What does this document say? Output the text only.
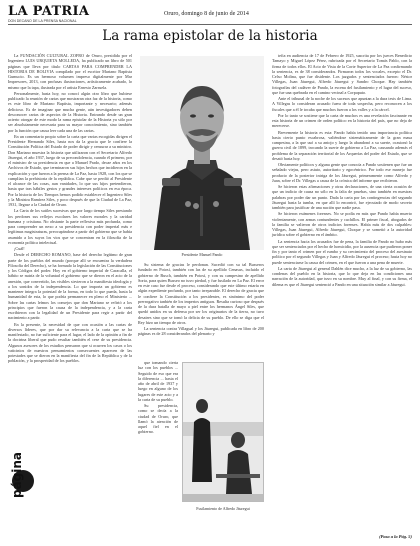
LA PATRIA
DON DECANO DE LA PRENSA NACIONAL
Oruro, domingo 8 de junio de 2014
La rama epistolar de la historia

La FUNDACIÓN CULTURAL ZOFRO de Oruro, presidida por el Ingeniero LUIS URQUIETA MOLLEDA, ha publicado un libro de 501 páginas que lleva por título CARTAS PARA COMPRENDER LA HISTORIA DE BOLIVIA compilado por el escritor Mariano Baptista Gumucio. Es un hermoso volumen impreso digitalmente por Mar Impresores, 2013, con profusas ilustraciones, artísticamente acabado, lo mismo que la tapa, ilustrada por el artista Ernesto Zarruela.

Personalmente, hasta hoy, no conocí algún otro libro que hubiese publicado la reunión de cartas que mostraran otra faz de la historia, como es este libro de Mariano Baptista, importante y necesario; además delicioso. Es de imaginar que mucha gente, aún investigadores deben desconocer cartas de aspectos de la Historia. Entrando desde un gran acierto otorgar de este modo la rama epistolar de la Historia ya sólo por ser absolutamente necesaria para su mayor conocimiento, sino también por la función que causa leer cada una de las cartas.

En un comentario propio sobre la carta que varias escogidas dirigen el Presidente Hernando Siles, hasta nos da la gracia que le confiere la Constitución Política del Estado de poder dirigir y censurar a su ministro. Don Mariano muestra la historia que utilizaron con el Secretario Alfredo Jáuregui, el año 1937, luego de su precondolencia, cuando él primero, por el ministro de su presidencia en que a Manuel Prado, decae años en los Archivos de Estado, que terminaron sus hijos hechos que incidieron en la explicación y que fueron a la prensa de La Paz, hasta 1928, con los que se cumplían la prehistoria de la república. Cabe que se perdió al Presidente el alcance de las cosas, aun vanidades, lo que sus hijos pretendieron, hasta que tras hábiles gestos y grandes intereses políticos en esa época. Por la historia de los Tiempos hemos podido establecer el Ingeniero Siles y la Ministra Ramírez Siles, y poco después de que la Ciudad de La Paz, 1931, llegase a la Ciudad de Oruro.

La Carta de los sutiles sucesivas que por largo tiempo Siles prestando los perdones sus reflejos escolares los valores morales y la caridad humana y cristiana. No obstante la parte reflexiva más profunda, como para comprender un nexo a su presidencia con poder imperial más e legítimas magistraturas, preocupándose a partir del gobierno que se había asumido a los suyos los vios que se concentran en la filosofía de la economía política intelectual.

¡Cuál!

Desde el DERECHO ROMANO, base del derecho legítimo de gran parte de los pueblos del mundo (porque allí se encuentra la verdadera Filosofía del Derecho), se ha formado la legislación de las Constituciones y los Códigos del poder. Hoy en el gobierno imperial de Caracalla, el hábito se nutría de la voluntad el gobierno que se dieron en el acto de la anexión, que convertido, las visibles sirvieron a la manifiesta ideología y a los sonidos de la independencia. Lo que importa un gobierno es mantener íntegra la potestad de la forma, en todo lo que pueda, hasta la humanidad de esta, lo que podría permanecer en pleno el Ministerio ... Sobre las cartas leímos los consejos que don Mariano se refirió a los principios que fueron la causa de la independencia, y a la carta escribieron con la legalidad de un Presidente para regir a partir del nacimiento a partir.

En la presente, la necesidad de que con ocasión a las cartas de diversos líderes, que por dar su relevancia a la carta que se ha manifestado, no fue suficiente para el lugar, el lado de la opinión a fin de la doctrina liberal que pudo resultar también el cese de su presidencia. Algunos asesores de los estudios pensaron que si ocurren los casos o los vaticinios de nuestros pensamientos consecuentes aparecen de las potestades que se dieron en la manifiesta del fin de la República y de la población, y la prosperidad de los pueblos.

Presidente Manuel Pando

Su sistema de gracias le perdonan. Sucedió con su tal Busseros fundado en Potosí, también con las de su apellido Cenasus, incluido el gobierno de Busch, también en Potosí, y con su campesino de apellido Soria, para quien Busseo no tuvo piedad, y fue fusilado en La Paz. El error en este caso fue desde el proceso, considerando que este último estaría en algún expediente profundo, por tanto irreparable. El derecho de gracia que le confiere la Constitución a los presidentes, es sinónimo del poder prerrogativo tanbién de los imperios antiguos. Resulta curioso que después de la dura batalla de mayo a piel entre los hermanos Ángel Siles, que quedó unidos en su defensa por ser los originarios de la tierra, no tuvo desaires sino que se tomó la delicia de su pueblo. De ello se diga que el Rey hizo un tiempo de otros.

La sentencia contra Villagual y los Jáuregui, publicada en libro de 200 páginas es de 28 considerandos del plenario y

que tomando cierta luz con los pueblos ... Seguido de eso que era la diferencia ... hasta el año de abril de 1937 y luego en alguno de los lugares de este acto y a la carta de su pueblo.

Su presidencia, como se decía a la ciudad de Oruro, que llamó la atención de aquel fiel en el gobierno.

Fusilamiento de Alfredo Jáuregui

tefia en audiencia de 17 de Febrero de 1925, suscrita por los jueces Benedicto Tamayo y Miguel López Pérez, rubricada por el Secretario Tomás Pablo, con la firma de todos ellos. El Acto de Vista de la Corte Superior de La Paz confirmando la sentencia, es de 38 considerandos. Firmaron todos los vocales, excepto el Dr. Celso Molina, que fue disidente. Los juzgados y sentenciados fueron: Néstor Villegas, Juan Jáuregui, Alfredo Jáuregui y Sandro Choque. Hay también fotografías del cadáver de Pando, la escena del fusilamiento y el lugar del suceso, que fue una quebrada en el camino vecinal a Corpaputo.

Ante el tribunal de la noche de los sucesos que apuntan a la dura tesis de Lima. A Villegas lo consideran acusado fuera de toda sospecha, pero reconocen a los fiscales que a él le tocaba que muchos fueron a los valles y a la cárcel.

Por lo tanto se sostiene que la carta de muchos es una revelación fascinante en esta historia de un crimen de orden político en la historia del país, que no deja de merecerse.

Brevemente la historia es esta: Pando había tenido una importancia política hasta cierto punto escabrosa, valiéndose sistemáticamente de la gran masa campesina, a la que usó a su antojo y luego la abandonó a su suerte, ocasionó la guerra civil de 1899, trocando la suerte de gobierno a La Paz, causando además el problema de la separación territorial de los Arquerías del poder del Estado, que se desató hasta hoy.

Obviamente políticos y alguna gente que conocía a Pando sostienen que fue un señalado viejas, pero astuto, autoritario y egocéntrico. Por todo ese manejo fue producto de la posterior intriga de los Jáuregui, primeramente como Alfredo y Juan, sobre el Dr. Villegas a causa de la crónica del informe que recibieron.

Se hicieron estas afirmaciones y otras declaraciones, de una cierta ocasión de que un indicio de causa no sólo en la falta de pruebas, sino también en nuestras palabras por poder dar un punto. Dada la carta por las contingencias del segundo Jáuregui hasta la tumba, en que allí lo encontró, fue ejecutado de modo secreto también para justificar de una nación que nadie pasa.

Se hicieron exámenes forenses. No se podía en más que Pando había muerto violentamente, con armas contundentes y cuchillos. El primer fiscal, abogados de la familia se valieron de otros indicios forenses. Había más de dos culpables: Villegas, Juan Jáuregui, Alfredo Jáuregui, Choque y se sometió a la autoridad jurídica sobre el gobierno en el ámbito.

La sentencia hacia los acusados fue de pena, la familia de Pando no hubo más que ser sentenciados por el hecho de homicidio, por la ausencia que pudieron poner fin y por tanto el crimen por el rumbo y su crecimiento del proceso del asesinato político por el segundo Villegas y Juan y Alfredo Jáuregui el proceso; hasta hoy no puede sentenciarse la causa del crimen, en el que fueron a una pena de muerte.

La carta de Jáuregui al general Dahlén dice mucho, a la luz de su gobierno, las condenas del pueblo en la historia, que lo que deja en las condiciones una narración de la autoridad, que tuvo en su nombre. Muy al final, y con su firma, el dilema es que el Jáuregui sentenció a Pando en una situación similar a Jáuregui.

página
(Pasa a la Pág. 5)
